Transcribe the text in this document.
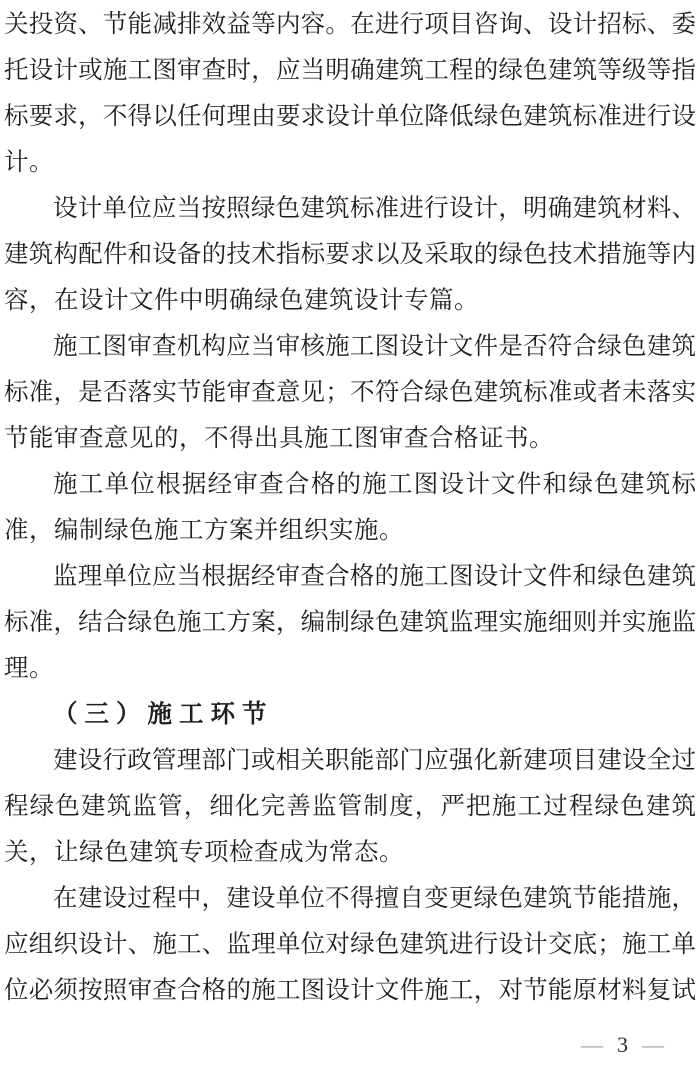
关投资、节能减排效益等内容。在进行项目咨询、设计招标、委
托设计或施工图审查时，应当明确建筑工程的绿色建筑等级等指
标要求，不得以任何理由要求设计单位降低绿色建筑标准进行设
计。
设计单位应当按照绿色建筑标准进行设计，明确建筑材料、
建筑构配件和设备的技术指标要求以及采取的绿色技术措施等内
容，在设计文件中明确绿色建筑设计专篇。
施工图审查机构应当审核施工图设计文件是否符合绿色建筑
标准，是否落实节能审查意见；不符合绿色建筑标准或者未落实
节能审查意见的，不得出具施工图审查合格证书。
施工单位根据经审查合格的施工图设计文件和绿色建筑标
准，编制绿色施工方案并组织实施。
监理单位应当根据经审查合格的施工图设计文件和绿色建筑
标准，结合绿色施工方案，编制绿色建筑监理实施细则并实施监
理。
（三）施工环节
建设行政管理部门或相关职能部门应强化新建项目建设全过
程绿色建筑监管，细化完善监管制度，严把施工过程绿色建筑
关，让绿色建筑专项检查成为常态。
在建设过程中，建设单位不得擅自变更绿色建筑节能措施，
应组织设计、施工、监理单位对绿色建筑进行设计交底；施工单
位必须按照审查合格的施工图设计文件施工，对节能原材料复试
— 3 —
